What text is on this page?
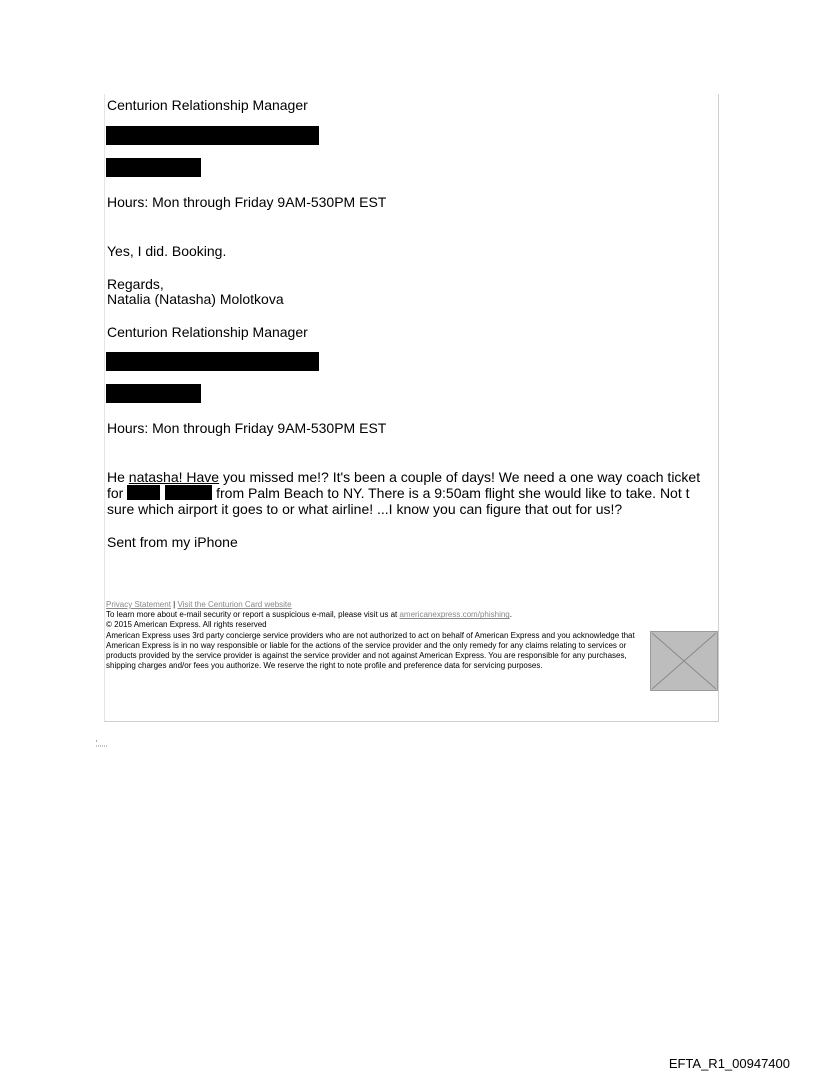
Centurion Relationship Manager
Hours: Mon through Friday 9AM-530PM EST
Yes, I did. Booking.
Regards,
Natalia (Natasha) Molotkova
Centurion Relationship Manager
Hours: Mon through Friday 9AM-530PM EST
He natasha! Have you missed me!? It's been a couple of days! We need a one way coach ticket
for	from Palm Beach to NY. There is a 9:50am flight she would like to take. Not t
sure which airport it goes to or what airline! ...I know you can figure that out for us!?
Sent from my iPhone
Privacy Statement | Visit the Centurion Card website
To learn more about e-mail security or report a suspicious e-mail, please visit us at americanexpress.com/phishing.
© 2015 American Express. All rights reserved
American Express uses 3rd party concierge service providers who are not authorized to act on behalf of American Express and you acknowledge that American Express is in no way responsible or liable for the actions of the service provider and the only remedy for any claims relating to services or products provided by the service provider is against the service provider and not against American Express. You are responsible for any purchases, shipping charges and/or fees you authorize. We reserve the right to note profile and preference data for servicing purposes.
EFTA_R1_00947400
